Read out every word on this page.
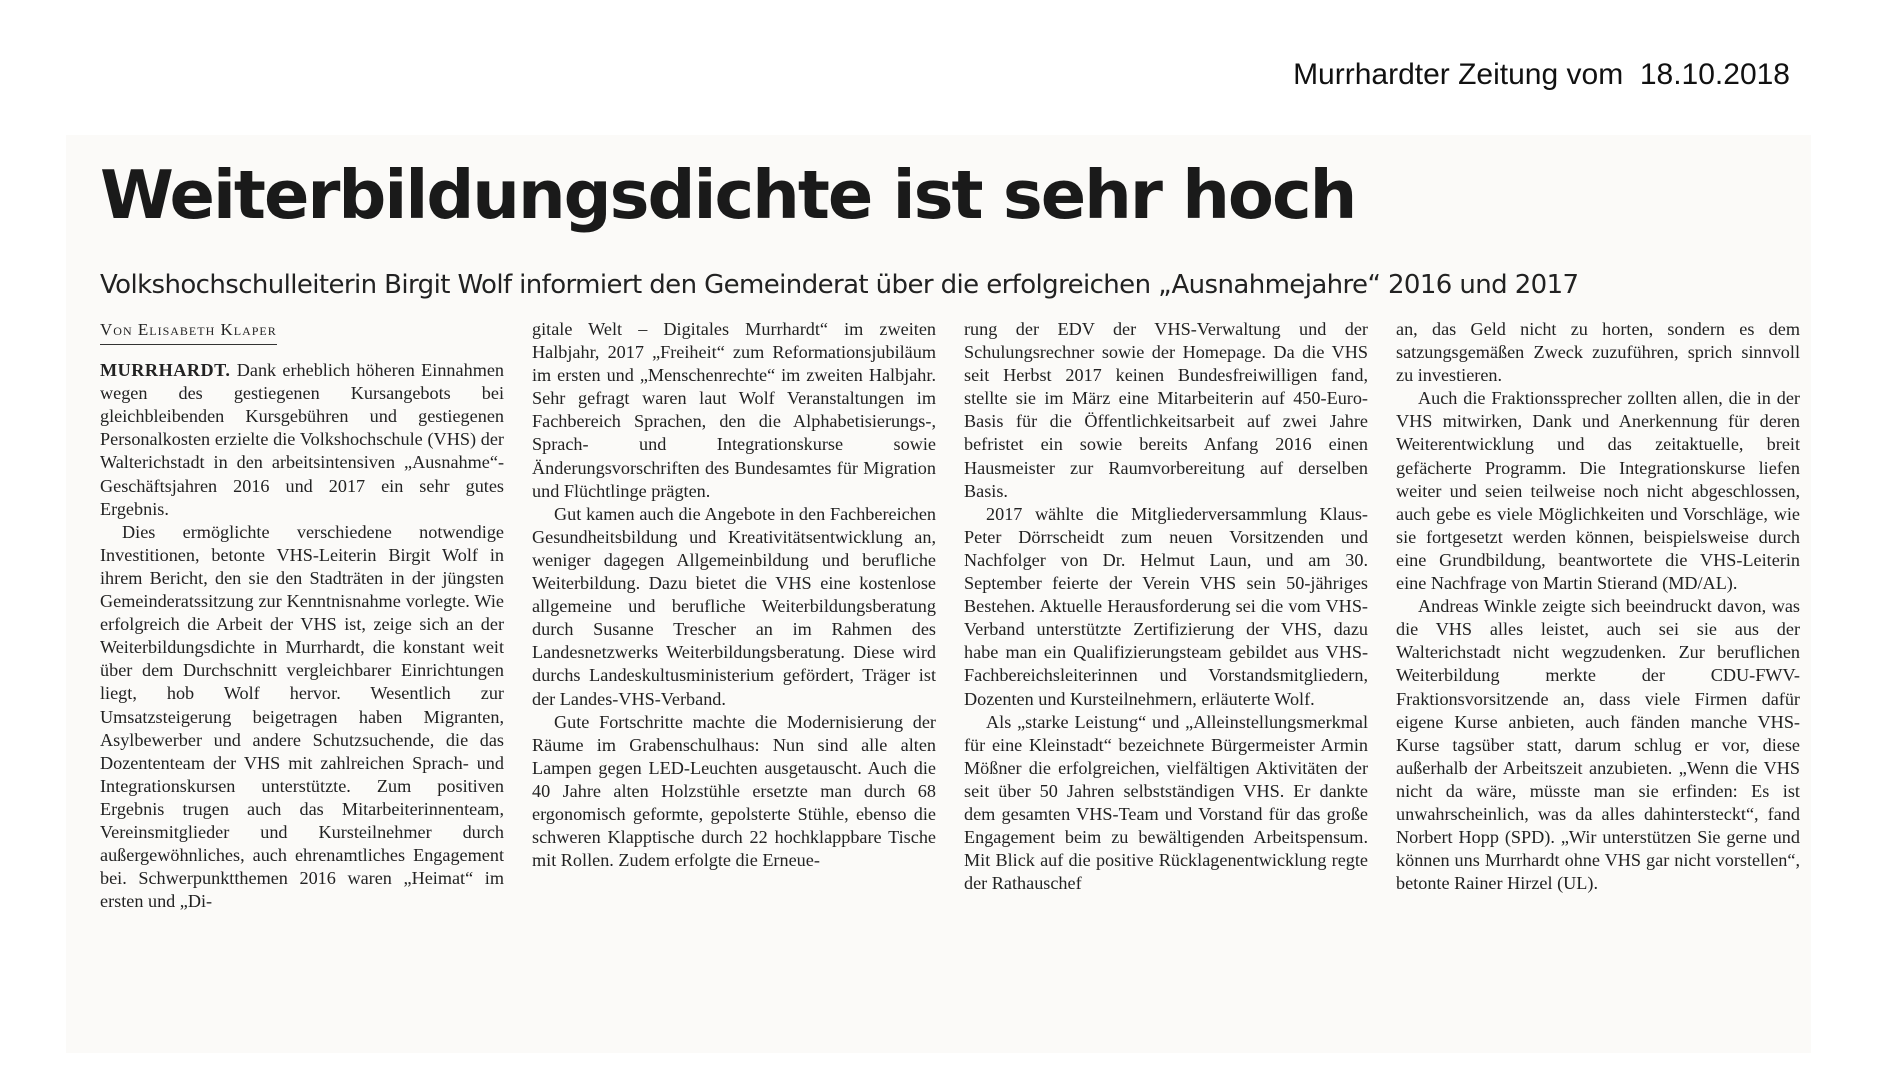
Murrhardter Zeitung vom  18.10.2018
Weiterbildungsdichte ist sehr hoch
Volkshochschulleiterin Birgit Wolf informiert den Gemeinderat über die erfolgreichen „Ausnahmejahre“ 2016 und 2017
Von Elisabeth Klaper

MURRHARDT. Dank erheblich höheren Einnahmen wegen des gestiegenen Kursangebots bei gleichbleibenden Kursgebühren und gestiegenen Personalkosten erzielte die Volkshochschule (VHS) der Walterichstadt in den arbeitsintensiven „Ausnahme“-Geschäftsjahren 2016 und 2017 ein sehr gutes Ergebnis.

Dies ermöglichte verschiedene notwendige Investitionen, betonte VHS-Leiterin Birgit Wolf in ihrem Bericht, den sie den Stadträten in der jüngsten Gemeinderatssitzung zur Kenntnisnahme vorlegte. Wie erfolgreich die Arbeit der VHS ist, zeige sich an der Weiterbildungsdichte in Murrhardt, die konstant weit über dem Durchschnitt vergleichbarer Einrichtungen liegt, hob Wolf hervor. Wesentlich zur Umsatzsteigerung beigetragen haben Migranten, Asylbewerber und andere Schutzsuchende, die das Dozententeam der VHS mit zahlreichen Sprach- und Integrationskursen unterstützte. Zum positiven Ergebnis trugen auch das Mitarbeiterinnenteam, Vereinsmitglieder und Kursteilnehmer durch außergewöhnliches, auch ehrenamtliches Engagement bei. Schwerpunktthemen 2016 waren „Heimat“ im ersten und „Di-

gitale Welt – Digitales Murrhardt“ im zweiten Halbjahr, 2017 „Freiheit“ zum Reformationsjubiläum im ersten und „Menschenrechte“ im zweiten Halbjahr. Sehr gefragt waren laut Wolf Veranstaltungen im Fachbereich Sprachen, den die Alphabetisierungs-, Sprach- und Integrationskurse sowie Änderungsvorschriften des Bundesamtes für Migration und Flüchtlinge prägten.

Gut kamen auch die Angebote in den Fachbereichen Gesundheitsbildung und Kreativitätsentwicklung an, weniger dagegen Allgemeinbildung und berufliche Weiterbildung. Dazu bietet die VHS eine kostenlose allgemeine und berufliche Weiterbildungsberatung durch Susanne Trescher an im Rahmen des Landesnetzwerks Weiterbildungsberatung. Diese wird durchs Landeskultusministerium gefördert, Träger ist der Landes-VHS-Verband.

Gute Fortschritte machte die Modernisierung der Räume im Grabenschulhaus: Nun sind alle alten Lampen gegen LED-Leuchten ausgetauscht. Auch die 40 Jahre alten Holzstühle ersetzte man durch 68 ergonomisch geformte, gepolsterte Stühle, ebenso die schweren Klapptische durch 22 hochklappbare Tische mit Rollen. Zudem erfolgte die Erneue-

rung der EDV der VHS-Verwaltung und der Schulungsrechner sowie der Homepage. Da die VHS seit Herbst 2017 keinen Bundesfreiwilligen fand, stellte sie im März eine Mitarbeiterin auf 450-Euro-Basis für die Öffentlichkeitsarbeit auf zwei Jahre befristet ein sowie bereits Anfang 2016 einen Hausmeister zur Raumvorbereitung auf derselben Basis.

2017 wählte die Mitgliederversammlung Klaus-Peter Dörrscheidt zum neuen Vorsitzenden und Nachfolger von Dr. Helmut Laun, und am 30. September feierte der Verein VHS sein 50-jähriges Bestehen. Aktuelle Herausforderung sei die vom VHS-Verband unterstützte Zertifizierung der VHS, dazu habe man ein Qualifizierungsteam gebildet aus VHS-Fachbereichsleiterinnen und Vorstandsmitgliedern, Dozenten und Kursteilnehmern, erläuterte Wolf.

Als „starke Leistung“ und „Alleinstellungsmerkmal für eine Kleinstadt“ bezeichnete Bürgermeister Armin Mößner die erfolgreichen, vielfältigen Aktivitäten der seit über 50 Jahren selbstständigen VHS. Er dankte dem gesamten VHS-Team und Vorstand für das große Engagement beim zu bewältigenden Arbeitspensum. Mit Blick auf die positive Rücklagenentwicklung regte der Rathauschef

an, das Geld nicht zu horten, sondern es dem satzungsgemäßen Zweck zuzuführen, sprich sinnvoll zu investieren.

Auch die Fraktionssprecher zollten allen, die in der VHS mitwirken, Dank und Anerkennung für deren Weiterentwicklung und das zeitaktuelle, breit gefächerte Programm. Die Integrationskurse liefen weiter und seien teilweise noch nicht abgeschlossen, auch gebe es viele Möglichkeiten und Vorschläge, wie sie fortgesetzt werden können, beispielsweise durch eine Grundbildung, beantwortete die VHS-Leiterin eine Nachfrage von Martin Stierand (MD/AL).

Andreas Winkle zeigte sich beeindruckt davon, was die VHS alles leistet, auch sei sie aus der Walterichstadt nicht wegzudenken. Zur beruflichen Weiterbildung merkte der CDU-FWV-Fraktionsvorsitzende an, dass viele Firmen dafür eigene Kurse anbieten, auch fänden manche VHS-Kurse tagsüber statt, darum schlug er vor, diese außerhalb der Arbeitszeit anzubieten. „Wenn die VHS nicht da wäre, müsste man sie erfinden: Es ist unwahrscheinlich, was da alles dahintersteckt“, fand Norbert Hopp (SPD). „Wir unterstützen Sie gerne und können uns Murrhardt ohne VHS gar nicht vorstellen“, betonte Rainer Hirzel (UL).
